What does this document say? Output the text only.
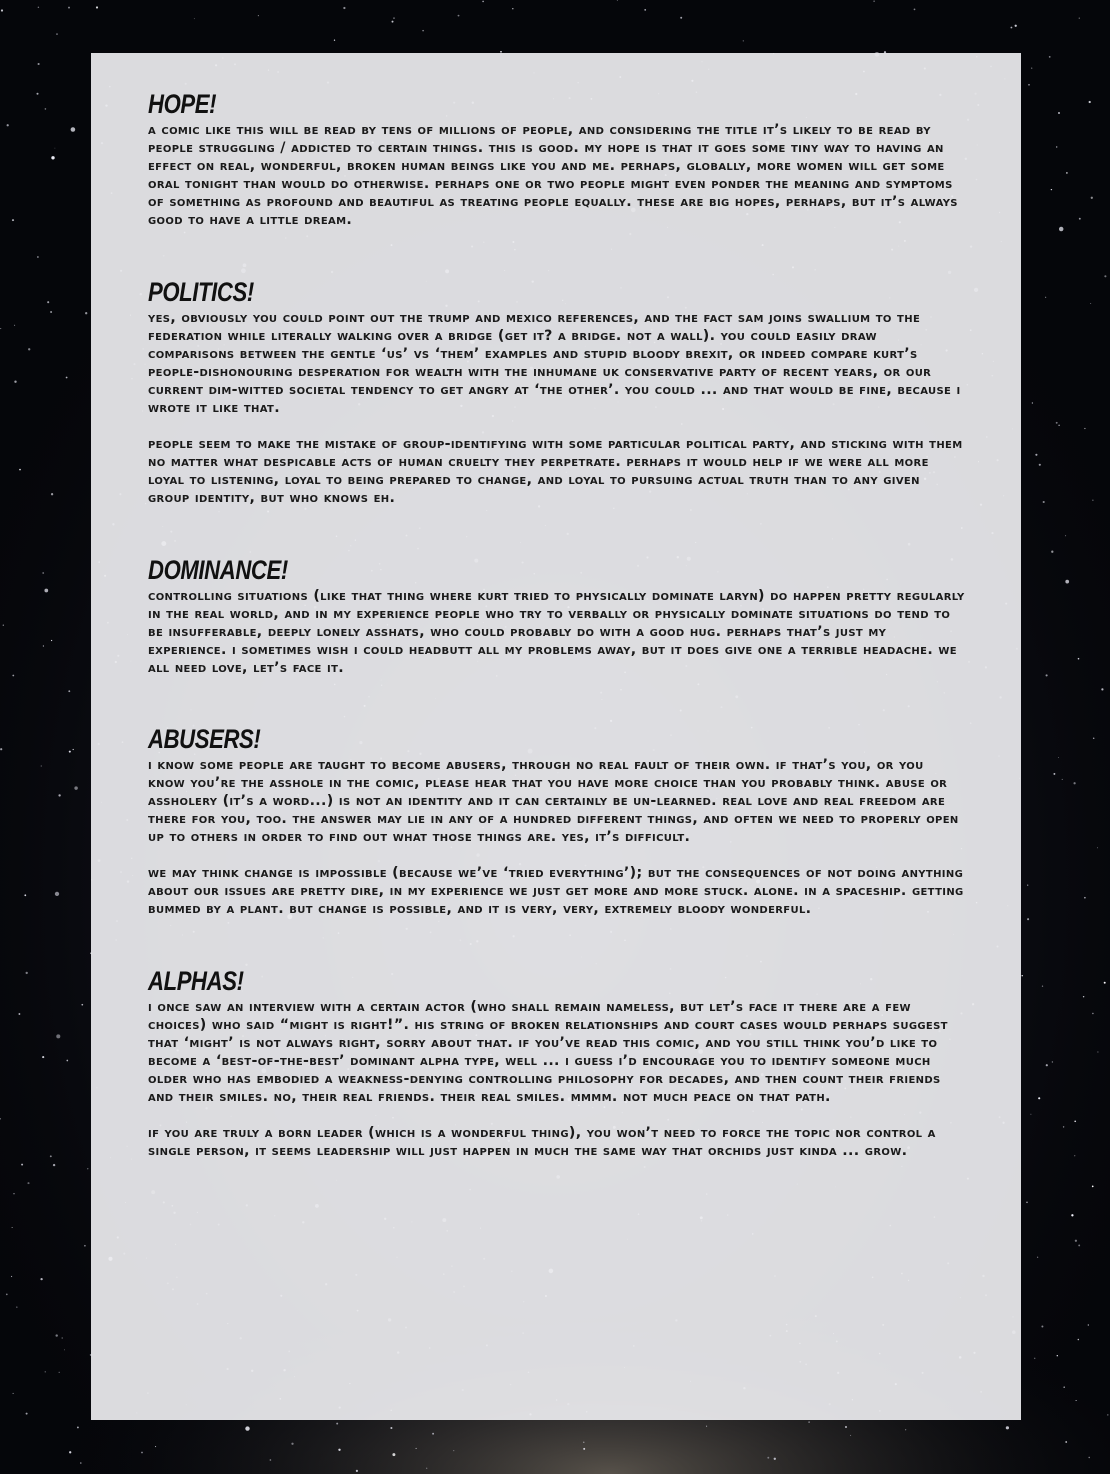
HOPE!

a comic like this will be read by tens of millions of people, and considering the title it’s likely to be read by people struggling / addicted to certain things. this is good. my hope is that it goes some tiny way to having an effect on real, wonderful, broken human beings like you and me. perhaps, globally, more women will get some oral tonight than would do otherwise. perhaps one or two people might even ponder the meaning and symptoms of something as profound and beautiful as treating people equally. these are big hopes, perhaps, but it’s always good to have a little dream.

POLITICS!

yes, obviously you could point out the trump and mexico references, and the fact sam joins swallium to the federation while literally walking over a bridge (get it? a bridge. not a wall). you could easily draw comparisons between the gentle ‘us’ vs ‘them’ examples and stupid bloody brexit, or indeed compare kurt’s people-dishonouring desperation for wealth with the inhumane uk conservative party of recent years, or our current dim-witted societal tendency to get angry at ‘the other’. you could ... and that would be fine, because i wrote it like that.

people seem to make the mistake of group-identifying with some particular political party, and sticking with them no matter what despicable acts of human cruelty they perpetrate. perhaps it would help if we were all more loyal to listening, loyal to being prepared to change, and loyal to pursuing actual truth than to any given group identity, but who knows eh.

DOMINANCE!

controlling situations (like that thing where kurt tried to physically dominate laryn) do happen pretty regularly in the real world, and in my experience people who try to verbally or physically dominate situations do tend to be insufferable, deeply lonely asshats, who could probably do with a good hug. perhaps that’s just my experience. i sometimes wish i could headbutt all my problems away, but it does give one a terrible headache. we all need love, let’s face it.

ABUSERS!

i know some people are taught to become abusers, through no real fault of their own. if that’s you, or you know you’re the asshole in the comic, please hear that you have more choice than you probably think. abuse or assholery (it’s a word...) is not an identity and it can certainly be un-learned. real love and real freedom are there for you, too. the answer may lie in any of a hundred different things, and often we need to properly open up to others in order to find out what those things are. yes, it’s difficult.

we may think change is impossible (because we’ve ‘tried everything’); but the consequences of not doing anything about our issues are pretty dire, in my experience we just get more and more stuck. alone. in a spaceship. getting bummed by a plant. but change is possible, and it is very, very, extremely bloody wonderful.

ALPHAS!

i once saw an interview with a certain actor (who shall remain nameless, but let’s face it there are a few choices) who said “might is right!”. his string of broken relationships and court cases would perhaps suggest that ‘might’ is not always right, sorry about that. if you’ve read this comic, and you still think you’d like to become a ‘best-of-the-best’ dominant alpha type, well ... i guess i’d encourage you to identify someone much older who has embodied a weakness-denying controlling philosophy for decades, and then count their friends and their smiles. no, their real friends. their real smiles. mmmm. not much peace on that path.

if you are truly a born leader (which is a wonderful thing), you won’t need to force the topic nor control a single person, it seems leadership will just happen in much the same way that orchids just kinda ... grow.
